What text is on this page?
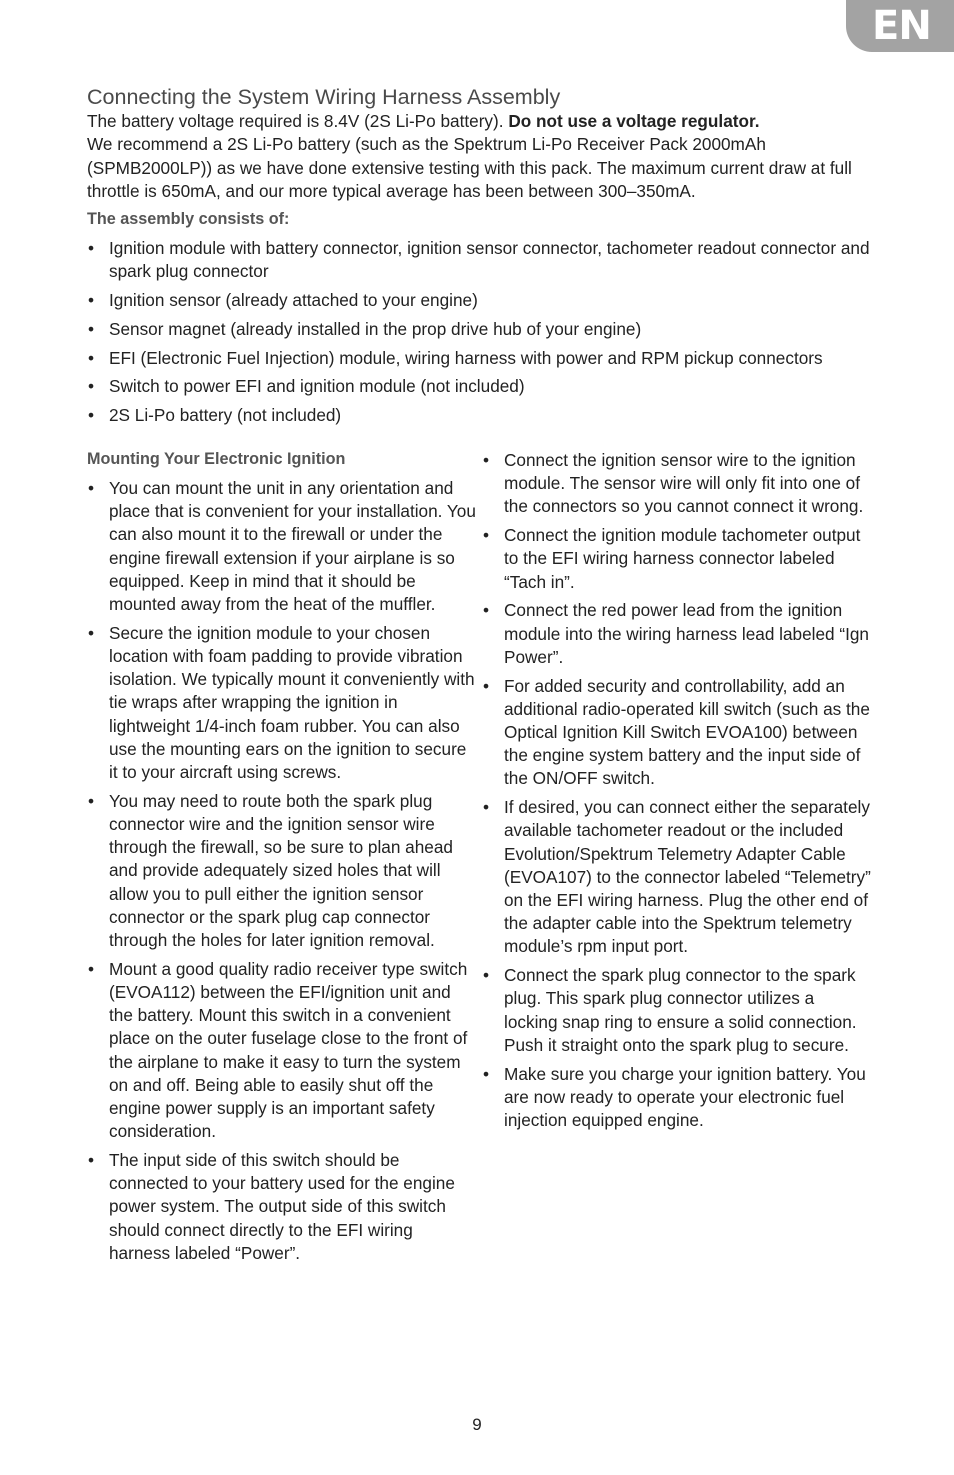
EN
Connecting the System Wiring Harness Assembly

The battery voltage required is 8.4V (2S Li-Po battery). Do not use a voltage regulator.
We recommend a 2S Li-Po battery (such as the Spektrum Li-Po Receiver Pack 2000mAh (SPMB2000LP)) as we have done extensive testing with this pack. The maximum current draw at full throttle is 650mA, and our more typical average has been between 300–350mA.

The assembly consists of:
• Ignition module with battery connector, ignition sensor connector, tachometer readout connector and spark plug connector
• Ignition sensor (already attached to your engine)
• Sensor magnet (already installed in the prop drive hub of your engine)
• EFI (Electronic Fuel Injection) module, wiring harness with power and RPM pickup connectors
• Switch to power EFI and ignition module (not included)
• 2S Li-Po battery (not included)
Mounting Your Electronic Ignition
• You can mount the unit in any orientation and place that is convenient for your installation. You can also mount it to the firewall or under the engine firewall extension if your airplane is so equipped. Keep in mind that it should be mounted away from the heat of the muffler.
• Secure the ignition module to your chosen location with foam padding to provide vibration isolation. We typically mount it conveniently with tie wraps after wrapping the ignition in lightweight 1/4-inch foam rubber. You can also use the mounting ears on the ignition to secure it to your aircraft using screws.
• You may need to route both the spark plug connector wire and the ignition sensor wire through the firewall, so be sure to plan ahead and provide adequately sized holes that will allow you to pull either the ignition sensor connector or the spark plug cap connector through the holes for later ignition removal.
• Mount a good quality radio receiver type switch (EVOA112) between the EFI/ignition unit and the battery. Mount this switch in a convenient place on the outer fuselage close to the front of the airplane to make it easy to turn the system on and off. Being able to easily shut off the engine power supply is an important safety consideration.
• The input side of this switch should be connected to your battery used for the engine power system. The output side of this switch should connect directly to the EFI wiring harness labeled “Power”.
• Connect the ignition sensor wire to the ignition module. The sensor wire will only fit into one of the connectors so you cannot connect it wrong.
• Connect the ignition module tachometer output to the EFI wiring harness connector labeled “Tach in”.
• Connect the red power lead from the ignition module into the wiring harness lead labeled “Ign Power”.
• For added security and controllability, add an additional radio-operated kill switch (such as the Optical Ignition Kill Switch EVOA100) between the engine system battery and the input side of the ON/OFF switch.
• If desired, you can connect either the separately available tachometer readout or the included Evolution/Spektrum Telemetry Adapter Cable (EVOA107) to the connector labeled “Telemetry” on the EFI wiring harness. Plug the other end of the adapter cable into the Spektrum telemetry module’s rpm input port.
• Connect the spark plug connector to the spark plug. This spark plug connector utilizes a locking snap ring to ensure a solid connection. Push it straight onto the spark plug to secure.
• Make sure you charge your ignition battery. You are now ready to operate your electronic fuel injection equipped engine.
9
